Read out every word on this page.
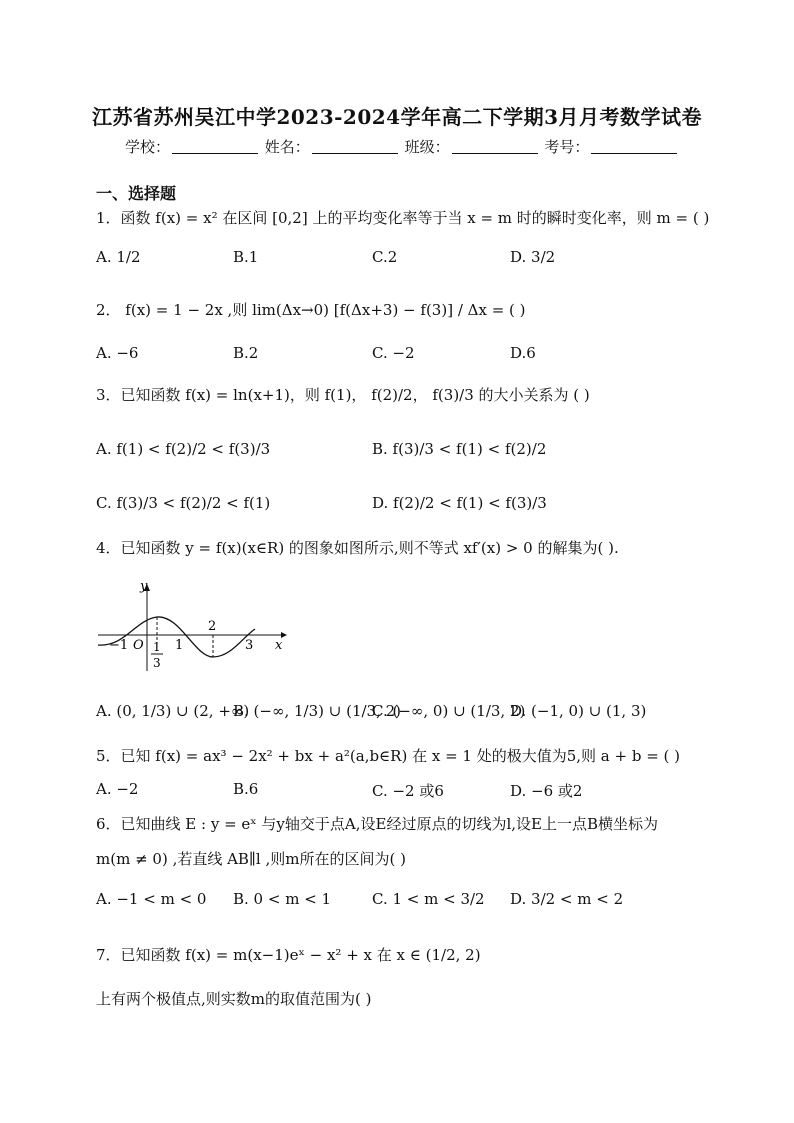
江苏省苏州吴江中学2023-2024学年高二下学期3月月考数学试卷
学校：	姓名：	班级：	考号：
一、选择题
1．函数 f(x) = x² 在区间 [0,2] 上的平均变化率等于当 x = m 时的瞬时变化率，则 m = ( )
A. 1/2	B.1	C.2	D. 3/2
2． f(x) = 1 − 2x ,则 lim(Δx→0) [f(Δx+3) − f(3)] / Δx = ( )
A. −6	B.2	C. −2	D.6
3．已知函数 f(x) = ln(x+1)，则 f(1)， f(2)/2， f(3)/3 的大小关系为 ( )
A. f(1) < f(2)/2 < f(3)/3	B. f(3)/3 < f(1) < f(2)/2
C. f(3)/3 < f(2)/2 < f(1)	D. f(2)/2 < f(1) < f(3)/3
4．已知函数 y = f(x)(x∈R) 的图象如图所示,则不等式 xf′(x) > 0 的解集为( ).
y
x
O
−1	1
2
3
1
3
A. (0, 1/3) ∪ (2, +∞)
B. (−∞, 1/3) ∪ (1/3, 2)
C. (−∞, 0) ∪ (1/3, 2)
D. (−1, 0) ∪ (1, 3)
5．已知 f(x) = ax³ − 2x² + bx + a²(a,b∈R) 在 x = 1 处的极大值为5,则 a + b = ( )
A. −2	B.6	C. −2 或6	D. −6 或2
6．已知曲线 E : y = eˣ 与y轴交于点A,设E经过原点的切线为l,设E上一点B横坐标为
m(m ≠ 0) ,若直线 AB∥l ,则m所在的区间为( )
A. −1 < m < 0 B. 0 < m < 1	C. 1 < m < 3/2 D. 3/2 < m < 2
7．已知函数 f(x) = m(x−1)eˣ − x² + x 在 x ∈ (1/2, 2)
上有两个极值点,则实数m的取值范围为( )
